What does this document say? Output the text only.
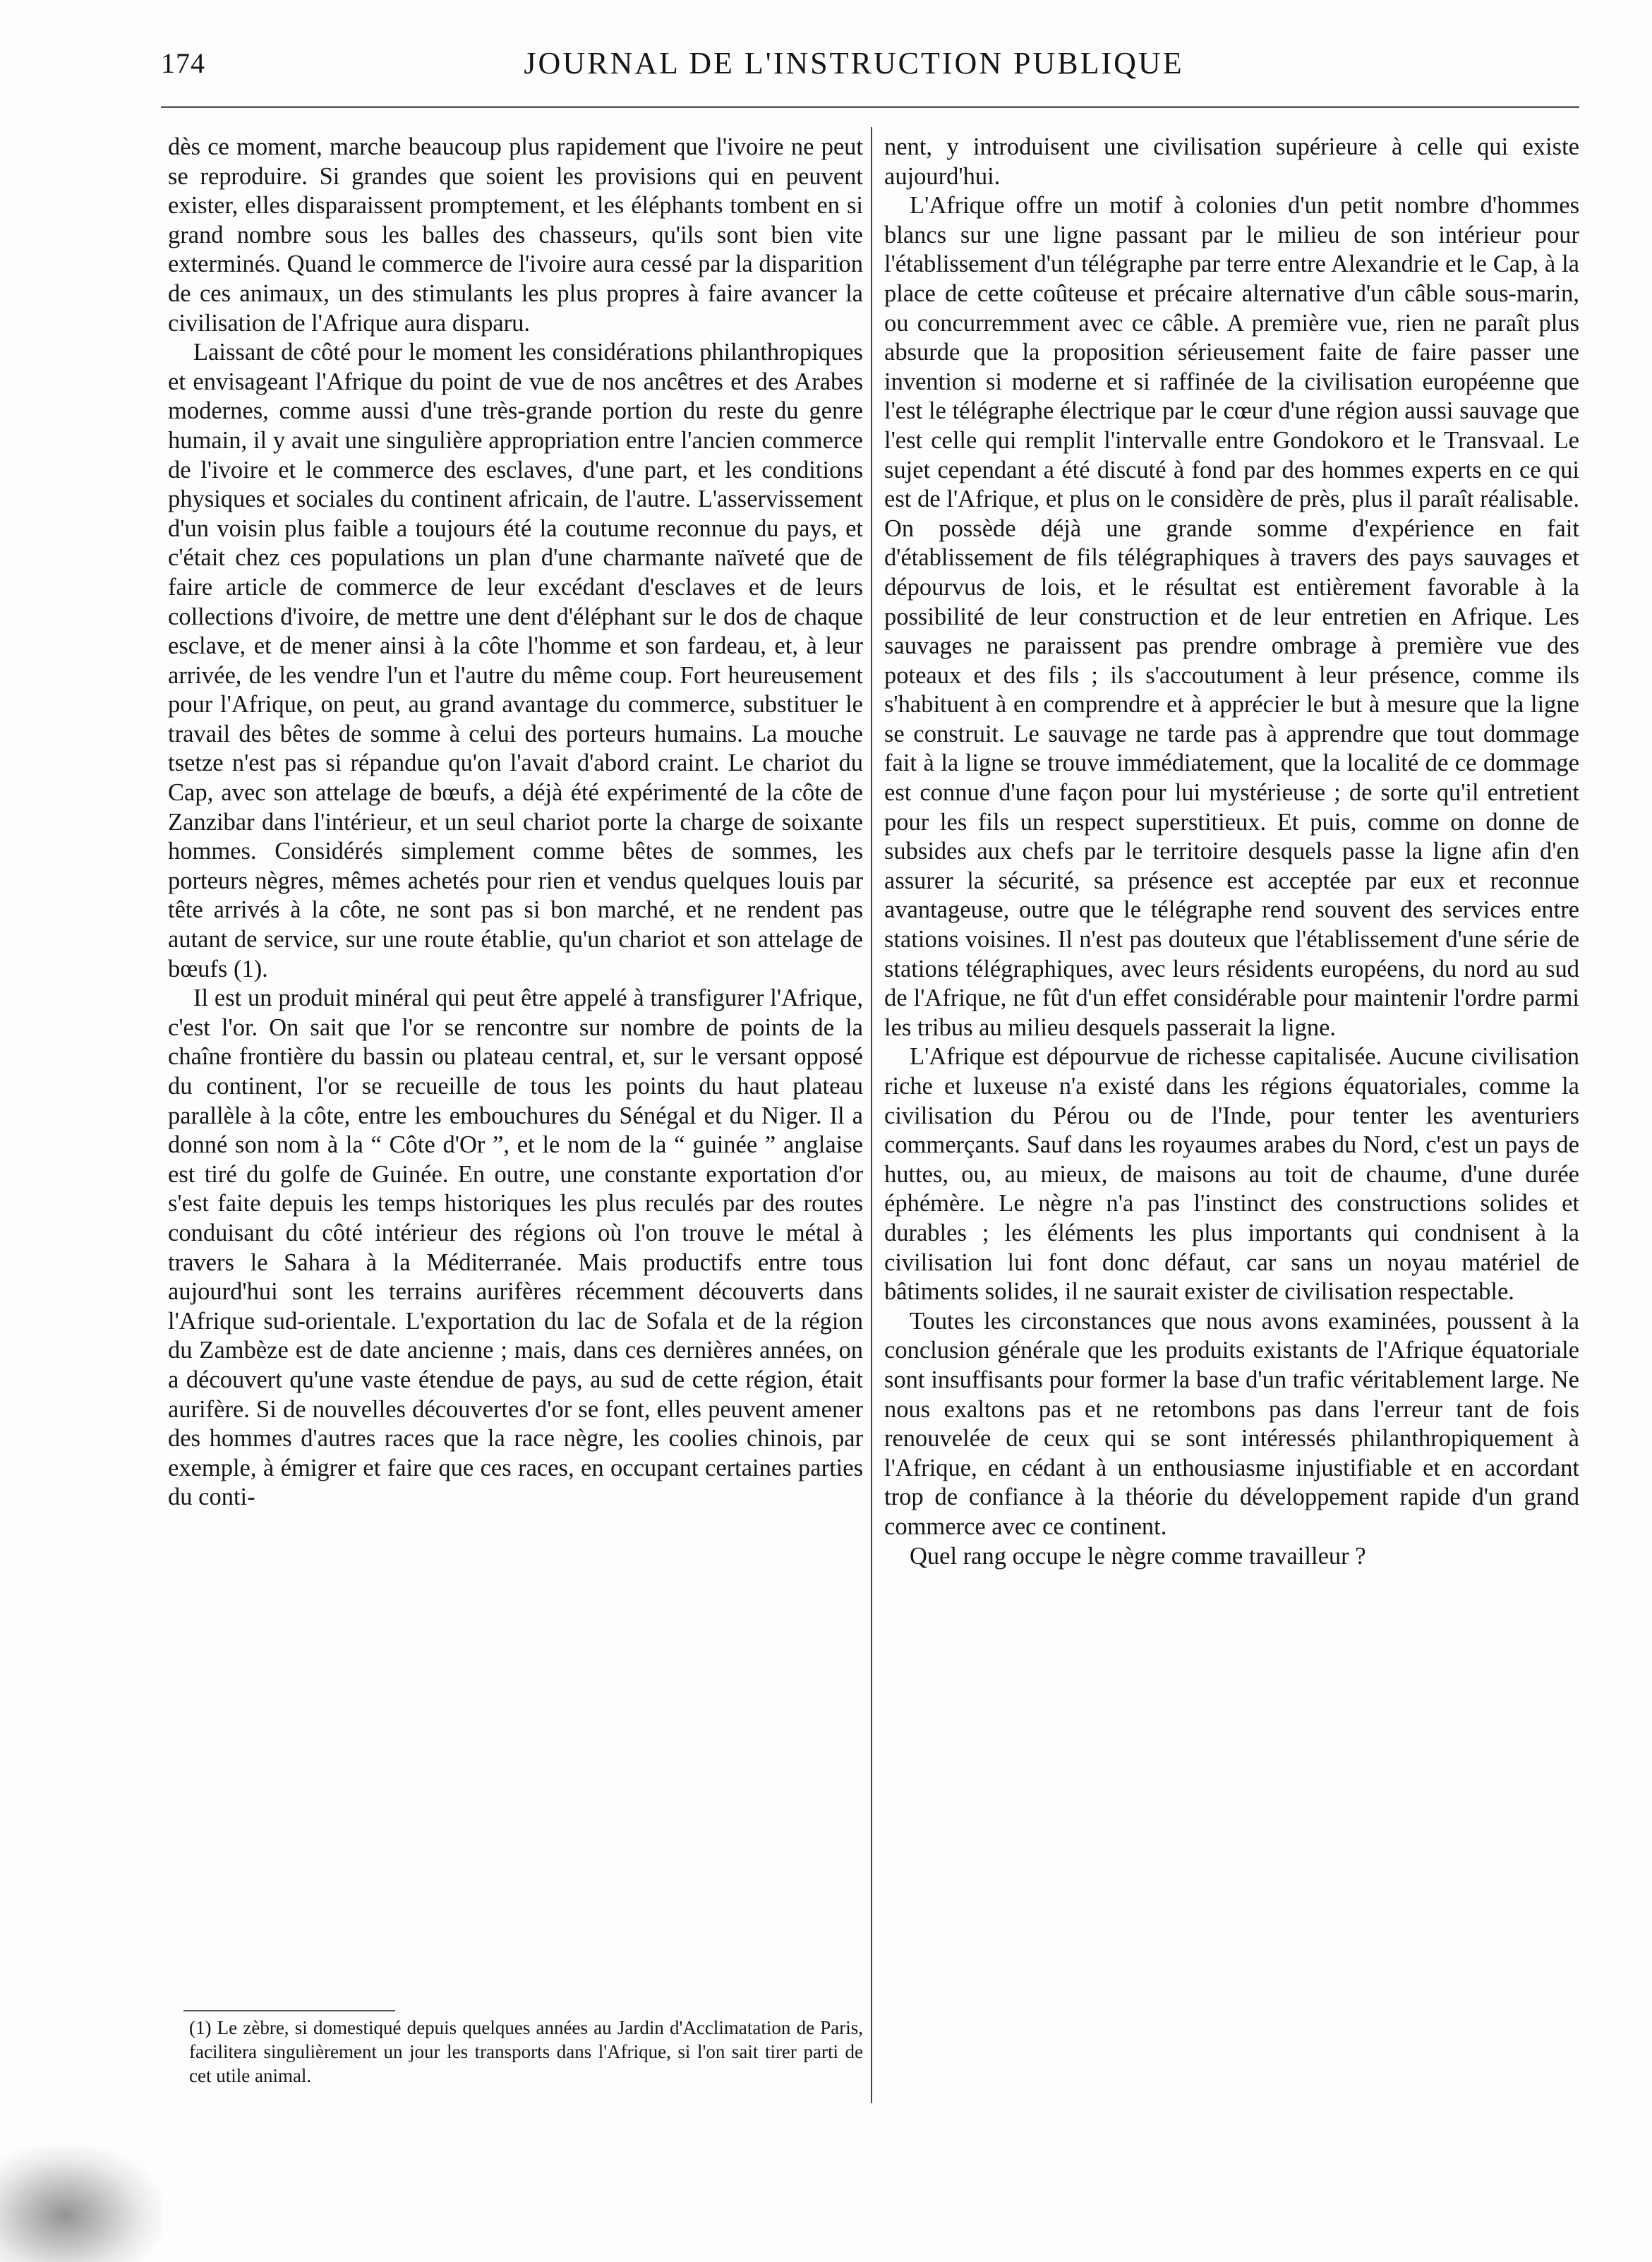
174	JOURNAL DE L'INSTRUCTION PUBLIQUE

dès ce moment, marche beaucoup plus rapidement que l'ivoire ne peut se reproduire. Si grandes que soient les provisions qui en peuvent exister, elles disparaissent promptement, et les éléphants tombent en si grand nombre sous les balles des chasseurs, qu'ils sont bien vite exterminés. Quand le commerce de l'ivoire aura cessé par la disparition de ces animaux, un des stimulants les plus propres à faire avancer la civilisation de l'Afrique aura disparu.

Laissant de côté pour le moment les considérations philanthropiques et envisageant l'Afrique du point de vue de nos ancêtres et des Arabes modernes, comme aussi d'une très-grande portion du reste du genre humain, il y avait une singulière appropriation entre l'ancien commerce de l'ivoire et le commerce des esclaves, d'une part, et les conditions physiques et sociales du continent africain, de l'autre. L'asservissement d'un voisin plus faible a toujours été la coutume reconnue du pays, et c'était chez ces populations un plan d'une charmante naïveté que de faire article de commerce de leur excédant d'esclaves et de leurs collections d'ivoire, de mettre une dent d'éléphant sur le dos de chaque esclave, et de mener ainsi à la côte l'homme et son fardeau, et, à leur arrivée, de les vendre l'un et l'autre du même coup. Fort heureusement pour l'Afrique, on peut, au grand avantage du commerce, substituer le travail des bêtes de somme à celui des porteurs humains. La mouche tsetze n'est pas si répandue qu'on l'avait d'abord craint. Le chariot du Cap, avec son attelage de bœufs, a déjà été expérimenté de la côte de Zanzibar dans l'intérieur, et un seul chariot porte la charge de soixante hommes. Considérés simplement comme bêtes de sommes, les porteurs nègres, mêmes achetés pour rien et vendus quelques louis par tête arrivés à la côte, ne sont pas si bon marché, et ne rendent pas autant de service, sur une route établie, qu'un chariot et son attelage de bœufs (1).

Il est un produit minéral qui peut être appelé à transfigurer l'Afrique, c'est l'or. On sait que l'or se rencontre sur nombre de points de la chaîne frontière du bassin ou plateau central, et, sur le versant opposé du continent, l'or se recueille de tous les points du haut plateau parallèle à la côte, entre les embouchures du Sénégal et du Niger. Il a donné son nom à la “ Côte d'Or ”, et le nom de la “ guinée ” anglaise est tiré du golfe de Guinée. En outre, une constante exportation d'or s'est faite depuis les temps historiques les plus reculés par des routes conduisant du côté intérieur des régions où l'on trouve le métal à travers le Sahara à la Méditerranée. Mais productifs entre tous aujourd'hui sont les terrains aurifères récemment découverts dans l'Afrique sud-orientale. L'exportation du lac de Sofala et de la région du Zambèze est de date ancienne ; mais, dans ces dernières années, on a découvert qu'une vaste étendue de pays, au sud de cette région, était aurifère. Si de nouvelles découvertes d'or se font, elles peuvent amener des hommes d'autres races que la race nègre, les coolies chinois, par exemple, à émigrer et faire que ces races, en occupant certaines parties du conti-

(1) Le zèbre, si domestiqué depuis quelques années au Jardin d'Acclimatation de Paris, facilitera singulièrement un jour les transports dans l'Afrique, si l'on sait tirer parti de cet utile animal.

nent, y introduisent une civilisation supérieure à celle qui existe aujourd'hui.

L'Afrique offre un motif à colonies d'un petit nombre d'hommes blancs sur une ligne passant par le milieu de son intérieur pour l'établissement d'un télégraphe par terre entre Alexandrie et le Cap, à la place de cette coûteuse et précaire alternative d'un câble sous-marin, ou concurremment avec ce câble. A première vue, rien ne paraît plus absurde que la proposition sérieusement faite de faire passer une invention si moderne et si raffinée de la civilisation européenne que l'est le télégraphe électrique par le cœur d'une région aussi sauvage que l'est celle qui remplit l'intervalle entre Gondokoro et le Transvaal. Le sujet cependant a été discuté à fond par des hommes experts en ce qui est de l'Afrique, et plus on le considère de près, plus il paraît réalisable. On possède déjà une grande somme d'expérience en fait d'établissement de fils télégraphiques à travers des pays sauvages et dépourvus de lois, et le résultat est entièrement favorable à la possibilité de leur construction et de leur entretien en Afrique. Les sauvages ne paraissent pas prendre ombrage à première vue des poteaux et des fils ; ils s'accoutument à leur présence, comme ils s'habituent à en comprendre et à apprécier le but à mesure que la ligne se construit. Le sauvage ne tarde pas à apprendre que tout dommage fait à la ligne se trouve immédiatement, que la localité de ce dommage est connue d'une façon pour lui mystérieuse ; de sorte qu'il entretient pour les fils un respect superstitieux. Et puis, comme on donne de subsides aux chefs par le territoire desquels passe la ligne afin d'en assurer la sécurité, sa présence est acceptée par eux et reconnue avantageuse, outre que le télégraphe rend souvent des services entre stations voisines. Il n'est pas douteux que l'établissement d'une série de stations télégraphiques, avec leurs résidents européens, du nord au sud de l'Afrique, ne fût d'un effet considérable pour maintenir l'ordre parmi les tribus au milieu desquels passerait la ligne.

L'Afrique est dépourvue de richesse capitalisée. Aucune civilisation riche et luxeuse n'a existé dans les régions équatoriales, comme la civilisation du Pérou ou de l'Inde, pour tenter les aventuriers commerçants. Sauf dans les royaumes arabes du Nord, c'est un pays de huttes, ou, au mieux, de maisons au toit de chaume, d'une durée éphémère. Le nègre n'a pas l'instinct des constructions solides et durables ; les éléments les plus importants qui condnisent à la civilisation lui font donc défaut, car sans un noyau matériel de bâtiments solides, il ne saurait exister de civilisation respectable.

Toutes les circonstances que nous avons examinées, poussent à la conclusion générale que les produits existants de l'Afrique équatoriale sont insuffisants pour former la base d'un trafic véritablement large. Ne nous exaltons pas et ne retombons pas dans l'erreur tant de fois renouvelée de ceux qui se sont intéressés philanthropiquement à l'Afrique, en cédant à un enthousiasme injustifiable et en accordant trop de confiance à la théorie du développement rapide d'un grand commerce avec ce continent.

Quel rang occupe le nègre comme travailleur ?
